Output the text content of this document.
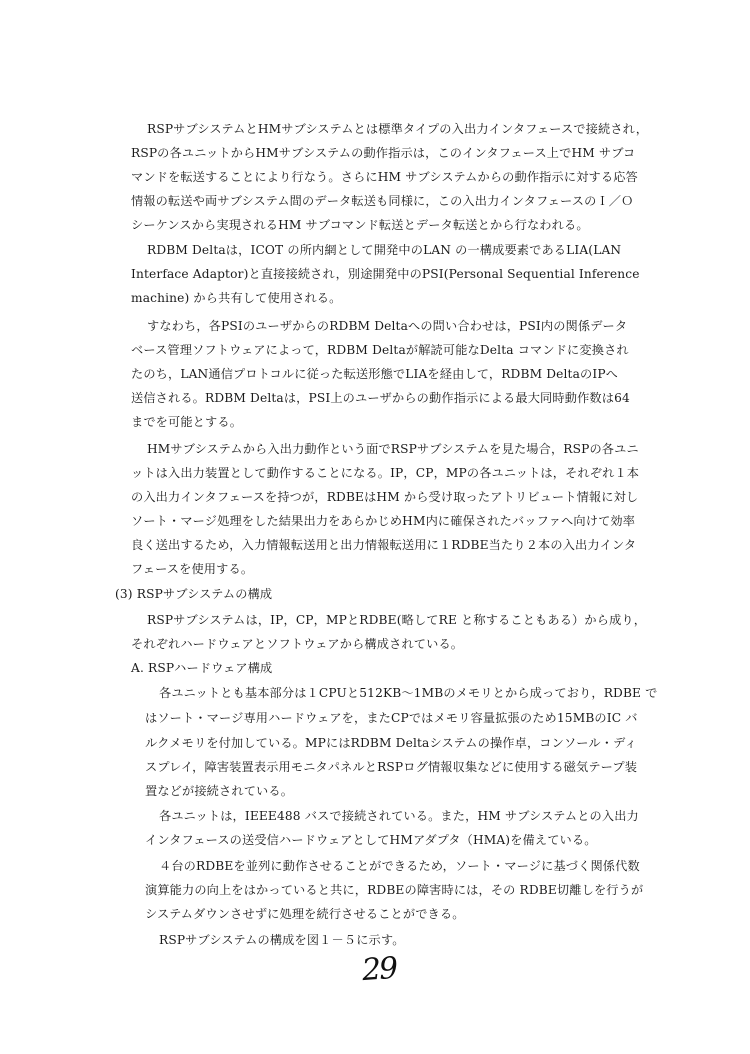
RSPサブシステムとHMサブシステムとは標準タイプの入出力インタフェースで接続され，
RSPの各ユニットからHMサブシステムの動作指示は，このインタフェース上でHM サブコ
マンドを転送することにより行なう。さらにHM サブシステムからの動作指示に対する応答
情報の転送や両サブシステム間のデータ転送も同様に，この入出力インタフェースのＩ／Ｏ
シーケンスから実現されるHM サブコマンド転送とデータ転送とから行なわれる。
RDBM Deltaは，ICOT の所内網として開発中のLAN の一構成要素であるLIA(LAN
Interface Adaptor)と直接接続され，別途開発中のPSI(Personal Sequential Inference
machine) から共有して使用される。
すなわち，各PSIのユーザからのRDBM Deltaへの問い合わせは，PSI内の関係データ
ベース管理ソフトウェアによって，RDBM Deltaが解読可能なDelta コマンドに変換され
たのち，LAN通信プロトコルに従った転送形態でLIAを経由して，RDBM DeltaのIPへ
送信される。RDBM Deltaは，PSI上のユーザからの動作指示による最大同時動作数は64
までを可能とする。
HMサブシステムから入出力動作という面でRSPサブシステムを見た場合，RSPの各ユニ
ットは入出力装置として動作することになる。IP，CP，MPの各ユニットは，それぞれ１本
の入出力インタフェースを持つが，RDBEはHM から受け取ったアトリビュート情報に対し
ソート・マージ処理をした結果出力をあらかじめHM内に確保されたバッファへ向けて効率
良く送出するため，入力情報転送用と出力情報転送用に１RDBE当たり２本の入出力インタ
フェースを使用する。
(3) RSPサブシステムの構成
RSPサブシステムは，IP，CP，MPとRDBE(略してRE と称することもある）から成り，
それぞれハードウェアとソフトウェアから構成されている。
A. RSPハードウェア構成
各ユニットとも基本部分は１CPUと512KB〜1MBのメモリとから成っており，RDBE で
はソート・マージ専用ハードウェアを，またCPではメモリ容量拡張のため15MBのIC バ
ルクメモリを付加している。MPにはRDBM Deltaシステムの操作卓，コンソール・ディ
スプレイ，障害装置表示用モニタパネルとRSPログ情報収集などに使用する磁気テープ装
置などが接続されている。
各ユニットは，IEEE488 バスで接続されている。また，HM サブシステムとの入出力
インタフェースの送受信ハードウェアとしてHMアダプタ（HMA)を備えている。
４台のRDBEを並列に動作させることができるため，ソート・マージに基づく関係代数
演算能力の向上をはかっていると共に，RDBEの障害時には，その RDBE切離しを行うが
システムダウンさせずに処理を続行させることができる。
RSPサブシステムの構成を図１－５に示す。
29
